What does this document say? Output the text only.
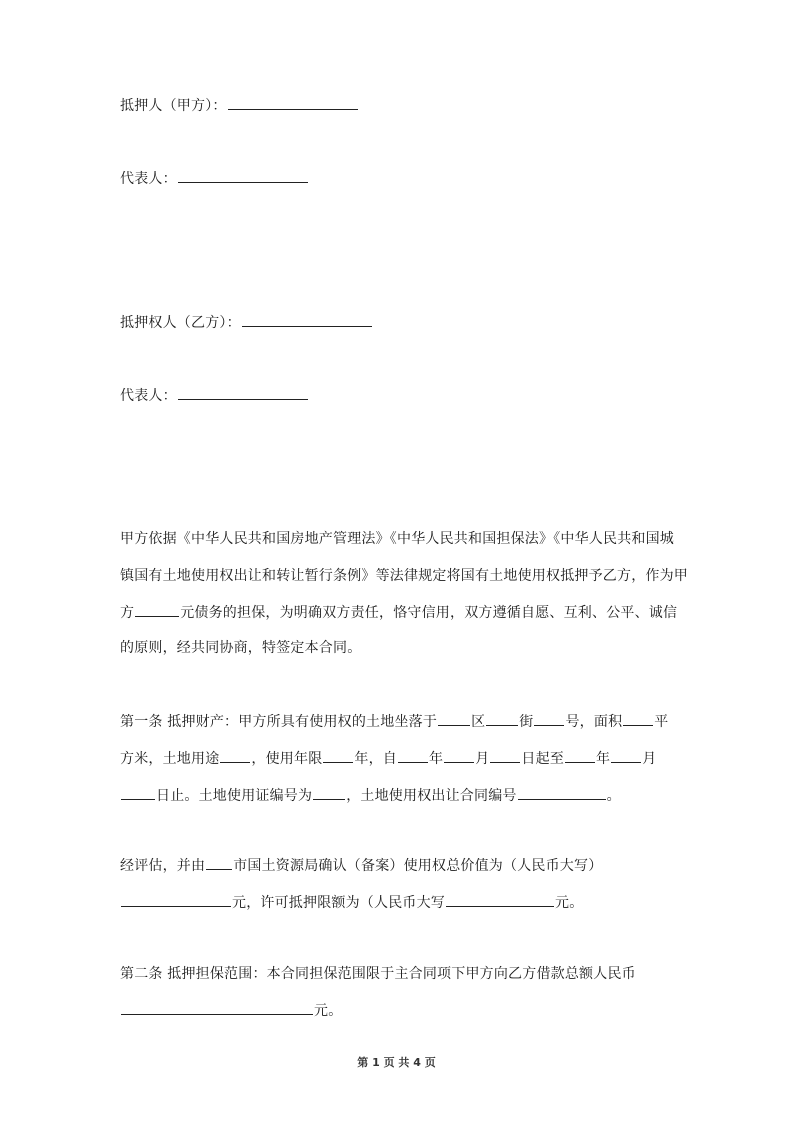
抵押人（甲方）：
代表人：
抵押权人（乙方）：
代表人：
甲方依据《中华人民共和国房地产管理法》《中华人民共和国担保法》《中华人民共和国城
镇国有土地使用权出让和转让暂行条例》等法律规定将国有土地使用权抵押予乙方，作为甲
方	元债务的担保，为明确双方责任，恪守信用，双方遵循自愿、互利、公平、诚信
的原则，经共同协商，特签定本合同。
第一条 抵押财产：甲方所具有使用权的土地坐落于 区 街 号，面积 平
方米，土地用途 ，使用年限 年，自 年 月 日起至 年 月
日止。土地使用证编号为 ，土地使用权出让合同编号	。
经评估，并由 市国土资源局确认（备案）使用权总价值为（人民币大写）
元，许可抵押限额为（人民币大写	元。
第二条 抵押担保范围：本合同担保范围限于主合同项下甲方向乙方借款总额人民币
元。
第 1 页 共 4 页
